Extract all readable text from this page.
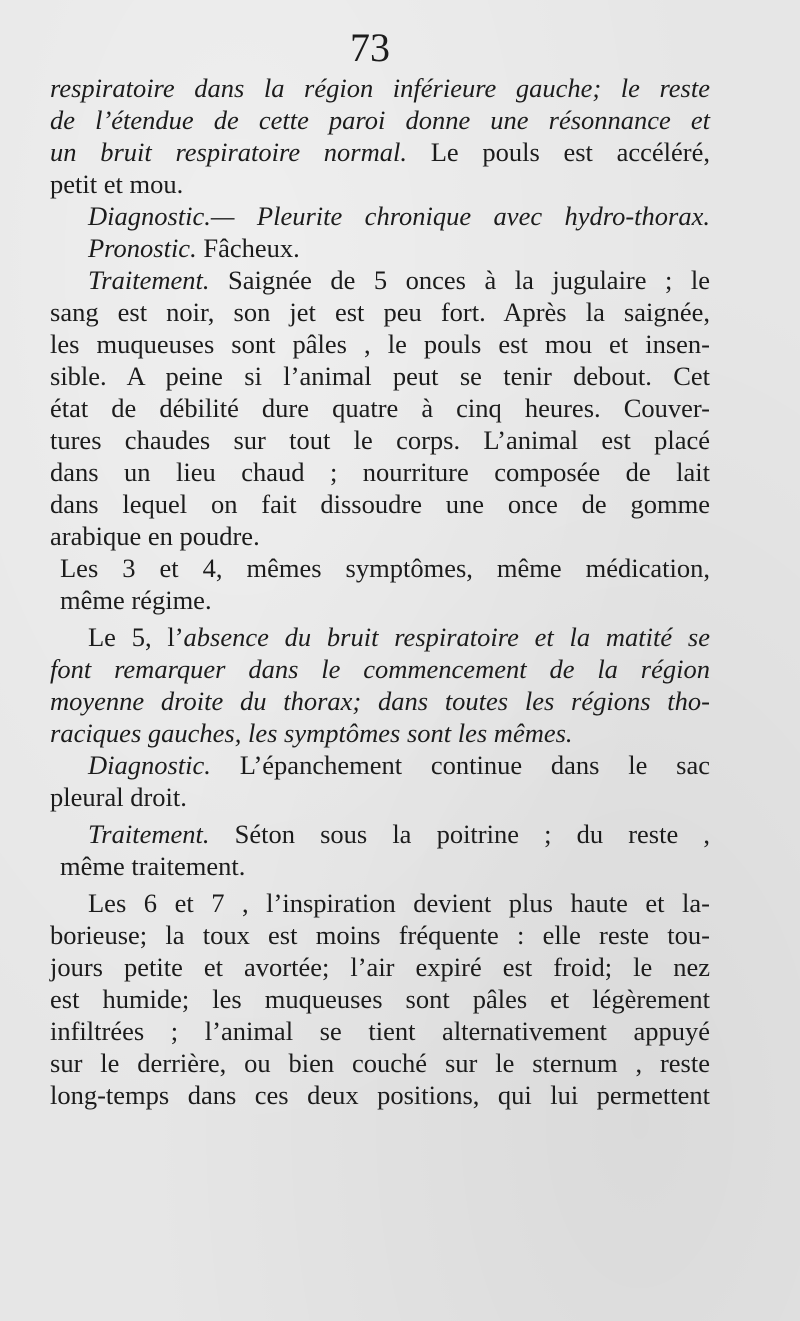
73
respiratoire dans la région inférieure gauche; le reste
de l’étendue de cette paroi donne une résonnance et
un bruit respiratoire normal. Le pouls est accéléré,
petit et mou.
Diagnostic.— Pleurite chronique avec hydro-thorax.
Pronostic. Fâcheux.
Traitement. Saignée de 5 onces à la jugulaire ; le
sang est noir, son jet est peu fort. Après la saignée,
les muqueuses sont pâles , le pouls est mou et insen-
sible. A peine si l’animal peut se tenir debout. Cet
état de débilité dure quatre à cinq heures. Couver-
tures chaudes sur tout le corps. L’animal est placé
dans un lieu chaud ; nourriture composée de lait
dans lequel on fait dissoudre une once de gomme
arabique en poudre.
Les 3 et 4, mêmes symptômes, même médication,
même régime.
Le 5, l’absence du bruit respiratoire et la matité se
font remarquer dans le commencement de la région
moyenne droite du thorax; dans toutes les régions tho-
raciques gauches, les symptômes sont les mêmes.
Diagnostic. L’épanchement continue dans le sac
pleural droit.
Traitement. Séton sous la poitrine ; du reste ,
même traitement.
Les 6 et 7 , l’inspiration devient plus haute et la-
borieuse; la toux est moins fréquente : elle reste tou-
jours petite et avortée; l’air expiré est froid; le nez
est humide; les muqueuses sont pâles et légèrement
infiltrées ; l’animal se tient alternativement appuyé
sur le derrière, ou bien couché sur le sternum , reste
long-temps dans ces deux positions, qui lui permettent
